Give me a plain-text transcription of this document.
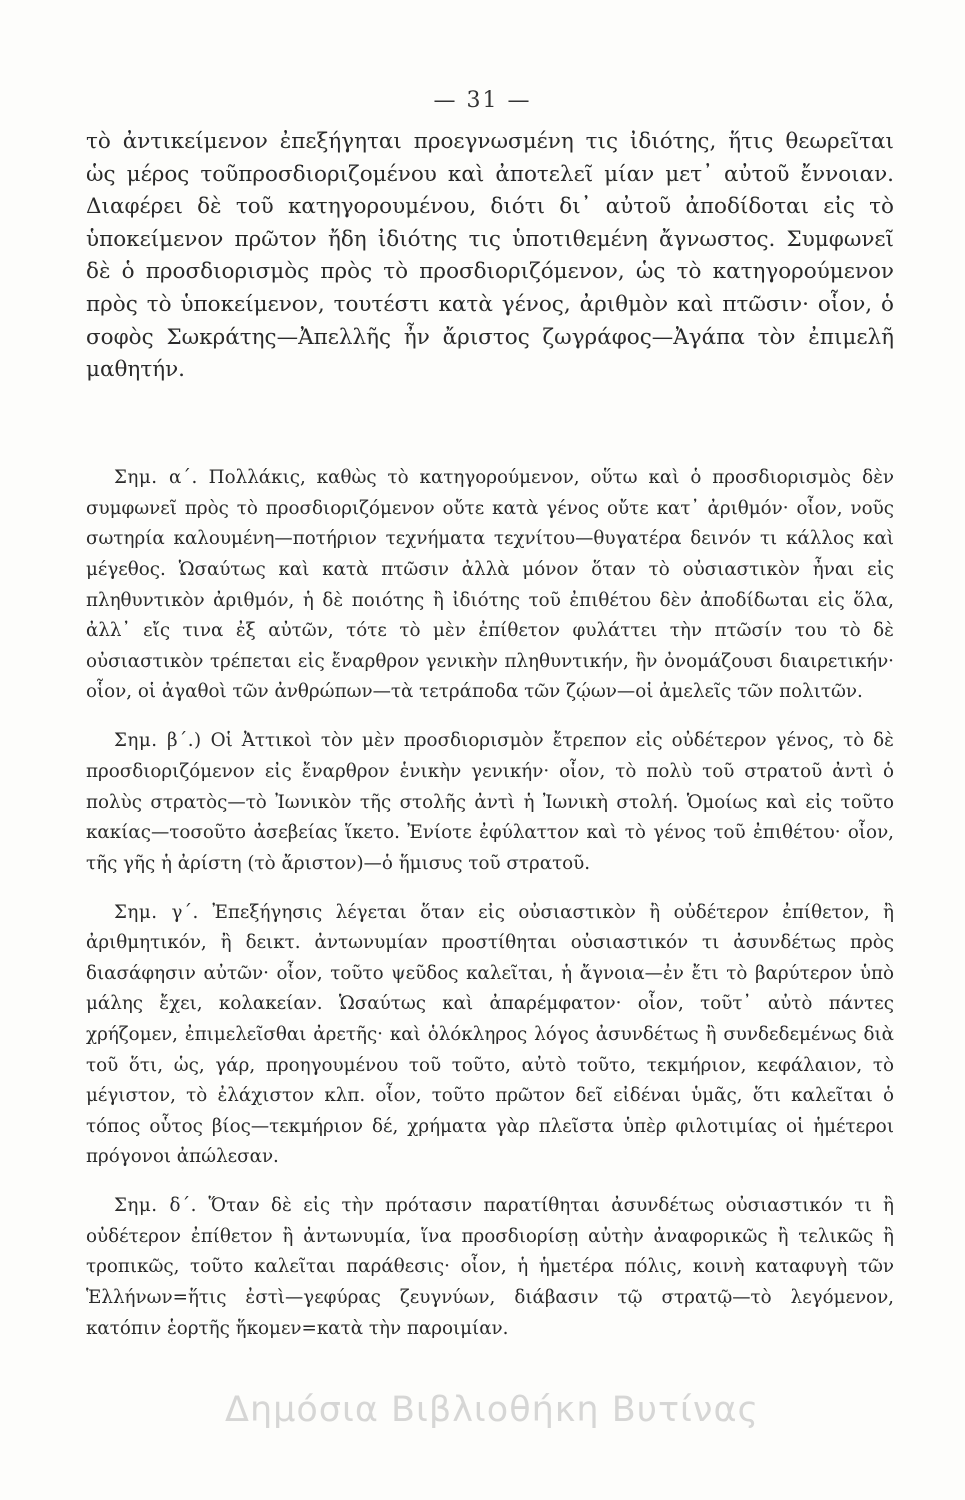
— 31 —

τὸ ἀντικείμενον ἐπεξήγηται προεγνωσμένη τις ἰδιότης, ἥτις θεωρεῖται ὡς μέρος τοῦπροσδιοριζομένου καὶ ἀποτελεῖ μίαν μετ᾽ αὐτοῦ ἔννοιαν. Διαφέρει δὲ τοῦ κατηγορουμένου, διότι δι᾽ αὐτοῦ ἀποδίδοται εἰς τὸ ὑποκείμενον πρῶτον ἤδη ἰδιότης τις ὑποτιθεμένη ἄγνωστος. Συμφωνεῖ δὲ ὁ προσδιορισμὸς πρὸς τὸ προσδιοριζόμενον, ὡς τὸ κατηγορούμενον πρὸς τὸ ὑποκείμενον, τουτέστι κατὰ γένος, ἀριθμὸν καὶ πτῶσιν· οἷον, ὁ σοφὸς Σωκράτης—Ἀπελλῆς ἦν ἄριστος ζωγράφος—Ἀγάπα τὸν ἐπιμελῆ μαθητήν.

Σημ. α´. Πολλάκις, καθὼς τὸ κατηγορούμενον, οὕτω καὶ ὁ προσδιορισμὸς δὲν συμφωνεῖ πρὸς τὸ προσδιοριζόμενον οὔτε κατὰ γένος οὔτε κατ᾽ ἀριθμόν· οἷον, νοῦς σωτηρία καλουμένη—ποτήριον τεχνήματα τεχνίτου—θυγατέρα δεινόν τι κάλλος καὶ μέγεθος. Ὡσαύτως καὶ κατὰ πτῶσιν ἀλλὰ μόνον ὅταν τὸ οὐσιαστικὸν ἦναι εἰς πληθυντικὸν ἀριθμόν, ἡ δὲ ποιότης ἢ ἰδιότης τοῦ ἐπιθέτου δὲν ἀποδίδωται εἰς ὅλα, ἀλλ᾽ εἴς τινα ἐξ αὐτῶν, τότε τὸ μὲν ἐπίθετον φυλάττει τὴν πτῶσίν του τὸ δὲ οὐσιαστικὸν τρέπεται εἰς ἔναρθρον γενικὴν πληθυντικήν, ἣν ὀνομάζουσι διαιρετικήν· οἷον, οἱ ἀγαθοὶ τῶν ἀνθρώπων—τὰ τετράποδα τῶν ζῴων—οἱ ἀμελεῖς τῶν πολιτῶν.

Σημ. β´.) Οἱ Ἀττικοὶ τὸν μὲν προσδιορισμὸν ἔτρεπον εἰς οὐδέτερον γένος, τὸ δὲ προσδιοριζόμενον εἰς ἔναρθρον ἑνικὴν γενικήν· οἷον, τὸ πολὺ τοῦ στρατοῦ ἀντὶ ὁ πολὺς στρατὸς—τὸ Ἰωνικὸν τῆς στολῆς ἀντὶ ἡ Ἰωνικὴ στολή. Ὁμοίως καὶ εἰς τοῦτο κακίας—τοσοῦτο ἀσεβείας ἵκετο. Ἐνίοτε ἐφύλαττον καὶ τὸ γένος τοῦ ἐπιθέτου· οἷον, τῆς γῆς ἡ ἀρίστη (τὸ ἄριστον)—ὁ ἥμισυς τοῦ στρατοῦ.

Σημ. γ´. Ἐπεξήγησις λέγεται ὅταν εἰς οὐσιαστικὸν ἢ οὐδέτερον ἐπίθετον, ἢ ἀριθμητικόν, ἢ δεικτ. ἀντωνυμίαν προστίθηται οὐσιαστικόν τι ἀσυνδέτως πρὸς διασάφησιν αὐτῶν· οἷον, τοῦτο ψεῦδος καλεῖται, ἡ ἄγνοια—ἐν ἔτι τὸ βαρύτερον ὑπὸ μάλης ἔχει, κολακείαν. Ὡσαύτως καὶ ἀπαρέμφατον· οἷον, τοῦτ᾽ αὐτὸ πάντες χρήζομεν, ἐπιμελεῖσθαι ἀρετῆς· καὶ ὁλόκληρος λόγος ἀσυνδέτως ἢ συνδεδεμένως διὰ τοῦ ὅτι, ὡς, γάρ, προηγουμένου τοῦ τοῦτο, αὐτὸ τοῦτο, τεκμήριον, κεφάλαιον, τὸ μέγιστον, τὸ ἐλάχιστον κλπ. οἷον, τοῦτο πρῶτον δεῖ εἰδέναι ὑμᾶς, ὅτι καλεῖται ὁ τόπος οὗτος βίος—τεκμήριον δέ, χρήματα γὰρ πλεῖστα ὑπὲρ φιλοτιμίας οἱ ἡμέτεροι πρόγονοι ἀπώλεσαν.

Σημ. δ´. Ὅταν δὲ εἰς τὴν πρότασιν παρατίθηται ἀσυνδέτως οὐσιαστικόν τι ἢ οὐδέτερον ἐπίθετον ἢ ἀντωνυμία, ἵνα προσδιορίσῃ αὐτὴν ἀναφορικῶς ἢ τελικῶς ἢ τροπικῶς, τοῦτο καλεῖται παράθεσις· οἷον, ἡ ἡμετέρα πόλις, κοινὴ καταφυγὴ τῶν Ἑλλήνων=ἥτις ἐστὶ—γεφύρας ζευγνύων, διάβασιν τῷ στρατῷ—τὸ λεγόμενον, κατόπιν ἑορτῆς ἥκομεν=κατὰ τὴν παροιμίαν.

Δημόσια Βιβλιοθήκη Βυτίνας
